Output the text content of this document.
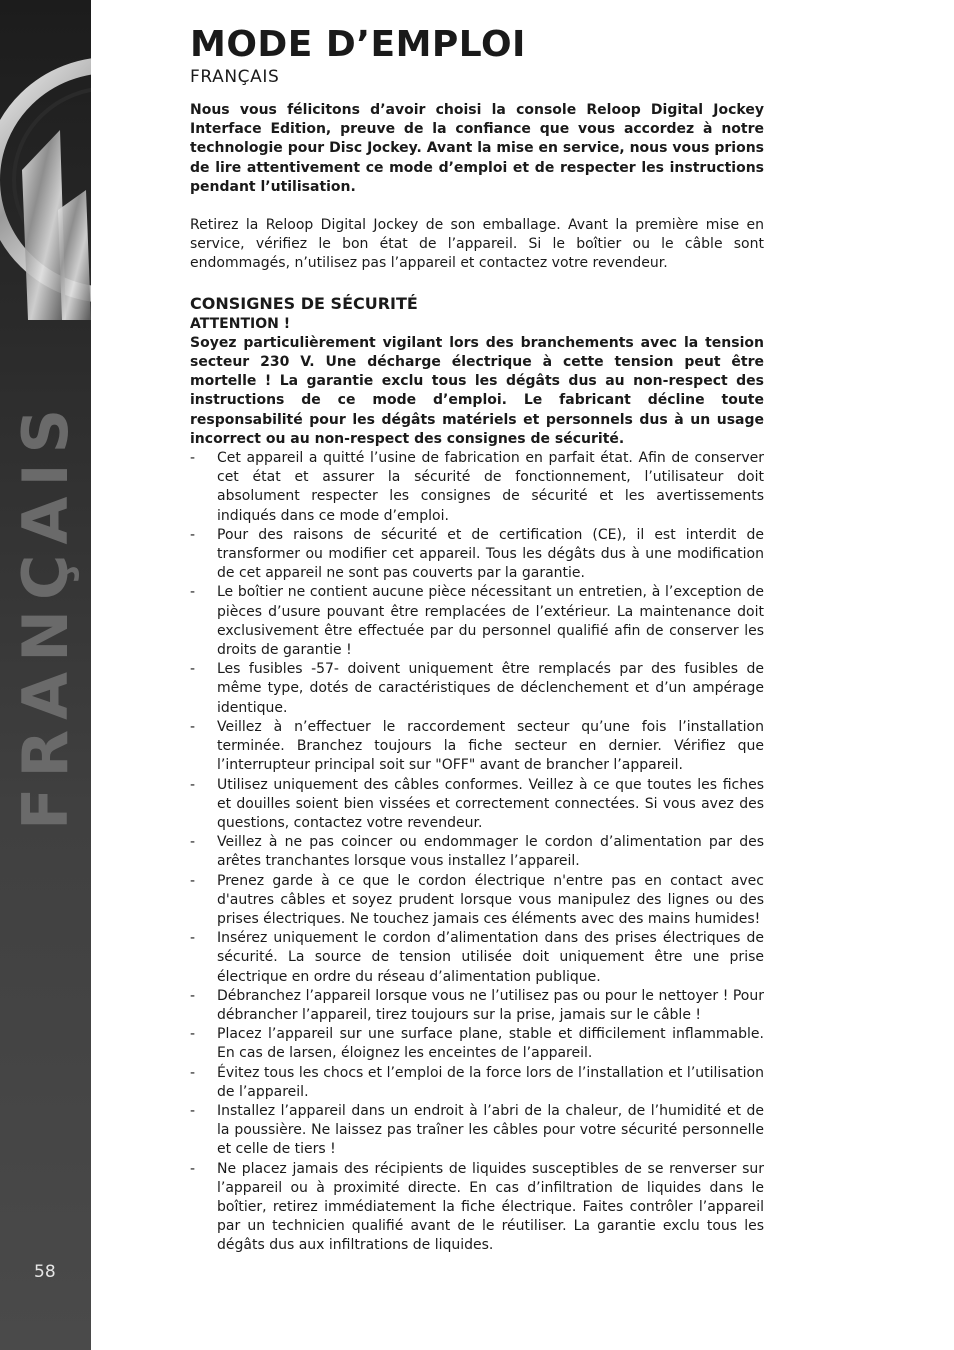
FRANÇAIS
58
MODE D’EMPLOI
FRANÇAIS

Nous vous félicitons d’avoir choisi la console Reloop Digital Jockey Interface Edition, preuve de la confiance que vous accordez à notre technologie pour Disc Jockey. Avant la mise en service, nous vous prions de lire attentivement ce mode d’emploi et de respecter les instructions pendant l’utilisation.

Retirez la Reloop Digital Jockey de son emballage. Avant la première mise en service, vérifiez le bon état de l’appareil. Si le boîtier ou le câble sont endommagés, n’utilisez pas l’appareil et contactez votre revendeur.

CONSIGNES DE SÉCURITÉ
ATTENTION !

Soyez particulièrement vigilant lors des branchements avec la tension secteur 230 V. Une décharge électrique à cette tension peut être mortelle ! La garantie exclu tous les dégâts dus au non-respect des instructions de ce mode d’emploi. Le fabricant décline toute responsabilité pour les dégâts matériels et personnels dus à un usage incorrect ou au non-respect des consignes de sécurité.

- Cet appareil a quitté l’usine de fabrication en parfait état. Afin de conserver cet état et assurer la sécurité de fonctionnement, l’utilisateur doit absolument respecter les consignes de sécurité et les avertissements indiqués dans ce mode d’emploi.
- Pour des raisons de sécurité et de certification (CE), il est interdit de transformer ou modifier cet appareil. Tous les dégâts dus à une modification de cet appareil ne sont pas couverts par la garantie.
- Le boîtier ne contient aucune pièce nécessitant un entretien, à l’exception de pièces d’usure pouvant être remplacées de l’extérieur. La maintenance doit exclusivement être effectuée par du personnel qualifié afin de conserver les droits de garantie !
- Les fusibles -57- doivent uniquement être remplacés par des fusibles de même type, dotés de caractéristiques de déclenchement et d’un ampérage identique.
- Veillez à n’effectuer le raccordement secteur qu’une fois l’installation terminée. Branchez toujours la fiche secteur en dernier. Vérifiez que l’interrupteur principal soit sur "OFF" avant de brancher l’appareil.
- Utilisez uniquement des câbles conformes. Veillez à ce que toutes les fiches et douilles soient bien vissées et correctement connectées. Si vous avez des questions, contactez votre revendeur.
- Veillez à ne pas coincer ou endommager le cordon d’alimentation par des arêtes tranchantes lorsque vous installez l’appareil.
- Prenez garde à ce que le cordon électrique n'entre pas en contact avec d'autres câbles et soyez prudent lorsque vous manipulez des lignes ou des prises électriques. Ne touchez jamais ces éléments avec des mains humides!
- Insérez uniquement le cordon d’alimentation dans des prises électriques de sécurité. La source de tension utilisée doit uniquement être une prise électrique en ordre du réseau d’alimentation publique.
- Débranchez l’appareil lorsque vous ne l’utilisez pas ou pour le nettoyer ! Pour débrancher l’appareil, tirez toujours sur la prise, jamais sur le câble !
- Placez l’appareil sur une surface plane, stable et difficilement inflammable. En cas de larsen, éloignez les enceintes de l’appareil.
- Évitez tous les chocs et l’emploi de la force lors de l’installation et l’utilisation de l’appareil.
- Installez l’appareil dans un endroit à l’abri de la chaleur, de l’humidité et de la poussière. Ne laissez pas traîner les câbles pour votre sécurité personnelle et celle de tiers !
- Ne placez jamais des récipients de liquides susceptibles de se renverser sur l’appareil ou à proximité directe. En cas d’infiltration de liquides dans le boîtier, retirez immédiatement la fiche électrique. Faites contrôler l’appareil par un technicien qualifié avant de le réutiliser. La garantie exclu tous les dégâts dus aux infiltrations de liquides.
